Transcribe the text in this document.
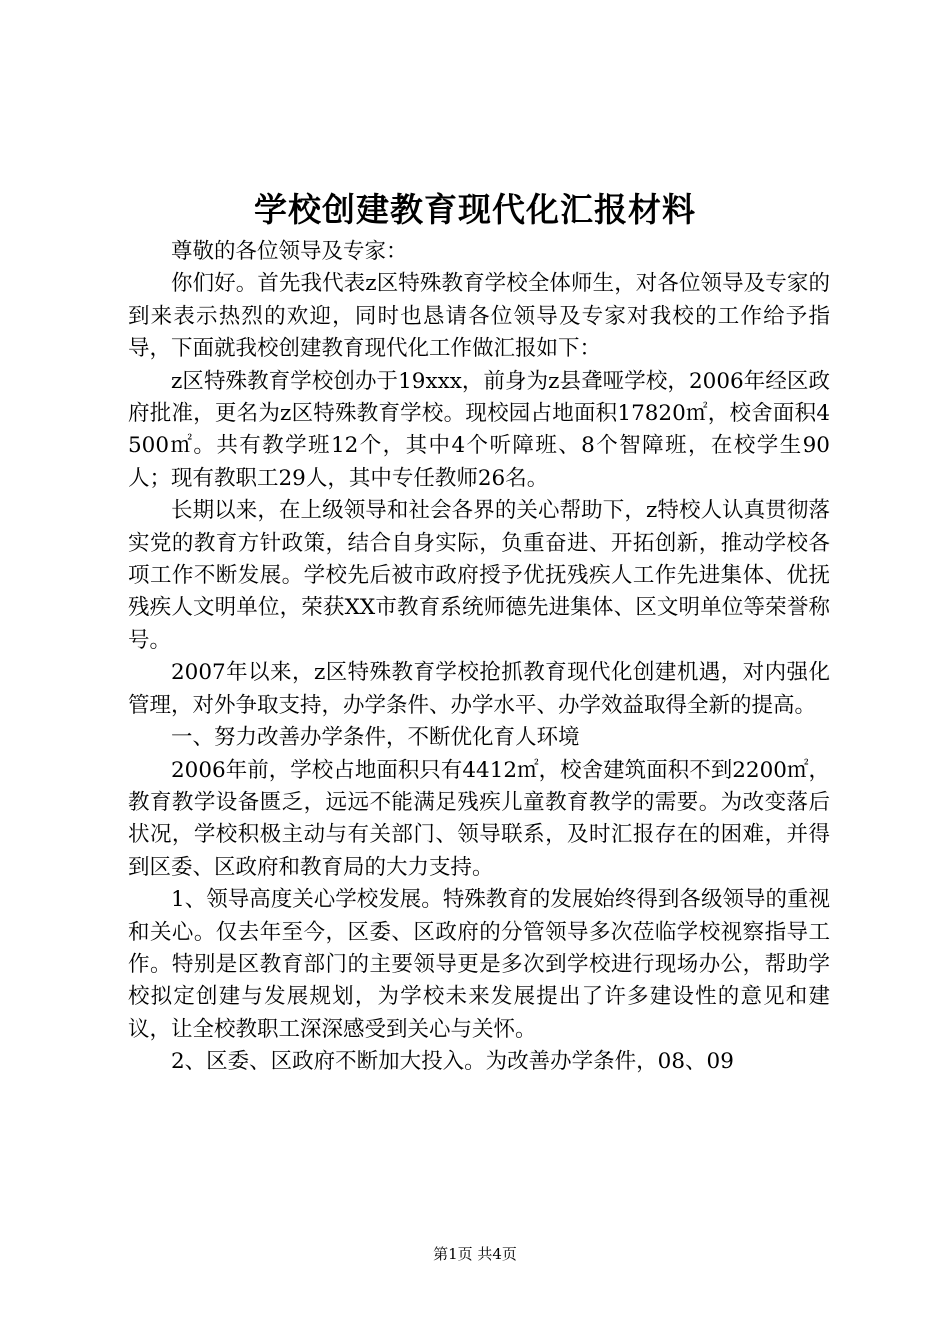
学校创建教育现代化汇报材料

尊敬的各位领导及专家：

你们好。首先我代表z区特殊教育学校全体师生，对各位领导及专家的到来表示热烈的欢迎，同时也恳请各位领导及专家对我校的工作给予指导，下面就我校创建教育现代化工作做汇报如下：

z区特殊教育学校创办于19xxx，前身为z县聋哑学校，2006年经区政府批准，更名为z区特殊教育学校。现校园占地面积17820㎡，校舍面积4500㎡。共有教学班12个，其中4个听障班、8个智障班，在校学生90人；现有教职工29人，其中专任教师26名。

长期以来，在上级领导和社会各界的关心帮助下，z特校人认真贯彻落实党的教育方针政策，结合自身实际，负重奋进、开拓创新，推动学校各项工作不断发展。学校先后被市政府授予优抚残疾人工作先进集体、优抚残疾人文明单位，荣获XX市教育系统师德先进集体、区文明单位等荣誉称号。

2007年以来，z区特殊教育学校抢抓教育现代化创建机遇，对内强化管理，对外争取支持，办学条件、办学水平、办学效益取得全新的提高。

一、努力改善办学条件，不断优化育人环境

2006年前，学校占地面积只有4412㎡，校舍建筑面积不到2200㎡，教育教学设备匮乏，远远不能满足残疾儿童教育教学的需要。为改变落后状况，学校积极主动与有关部门、领导联系，及时汇报存在的困难，并得到区委、区政府和教育局的大力支持。

1、领导高度关心学校发展。特殊教育的发展始终得到各级领导的重视和关心。仅去年至今，区委、区政府的分管领导多次莅临学校视察指导工作。特别是区教育部门的主要领导更是多次到学校进行现场办公，帮助学校拟定创建与发展规划，为学校未来发展提出了许多建设性的意见和建议，让全校教职工深深感受到关心与关怀。

2、区委、区政府不断加大投入。为改善办学条件，08、09

第1页 共4页
